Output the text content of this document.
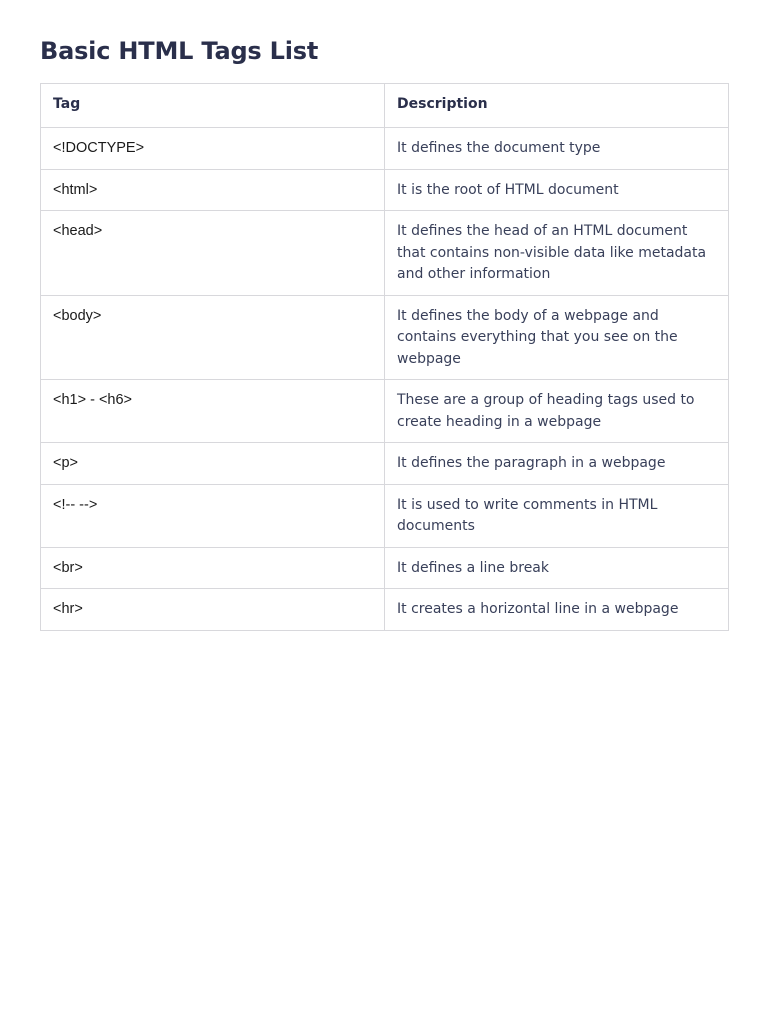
Basic HTML Tags List
Tag	Description
<!DOCTYPE>	It defines the document type
<html>	It is the root of HTML document
<head>	It defines the head of an HTML document that contains non-visible data like metadata and other information
<body>	It defines the body of a webpage and contains everything that you see on the webpage
<h1> - <h6>	These are a group of heading tags used to create heading in a webpage
<p>	It defines the paragraph in a webpage
<!-- -->	It is used to write comments in HTML documents
<br>	It defines a line break
<hr>	It creates a horizontal line in a webpage
